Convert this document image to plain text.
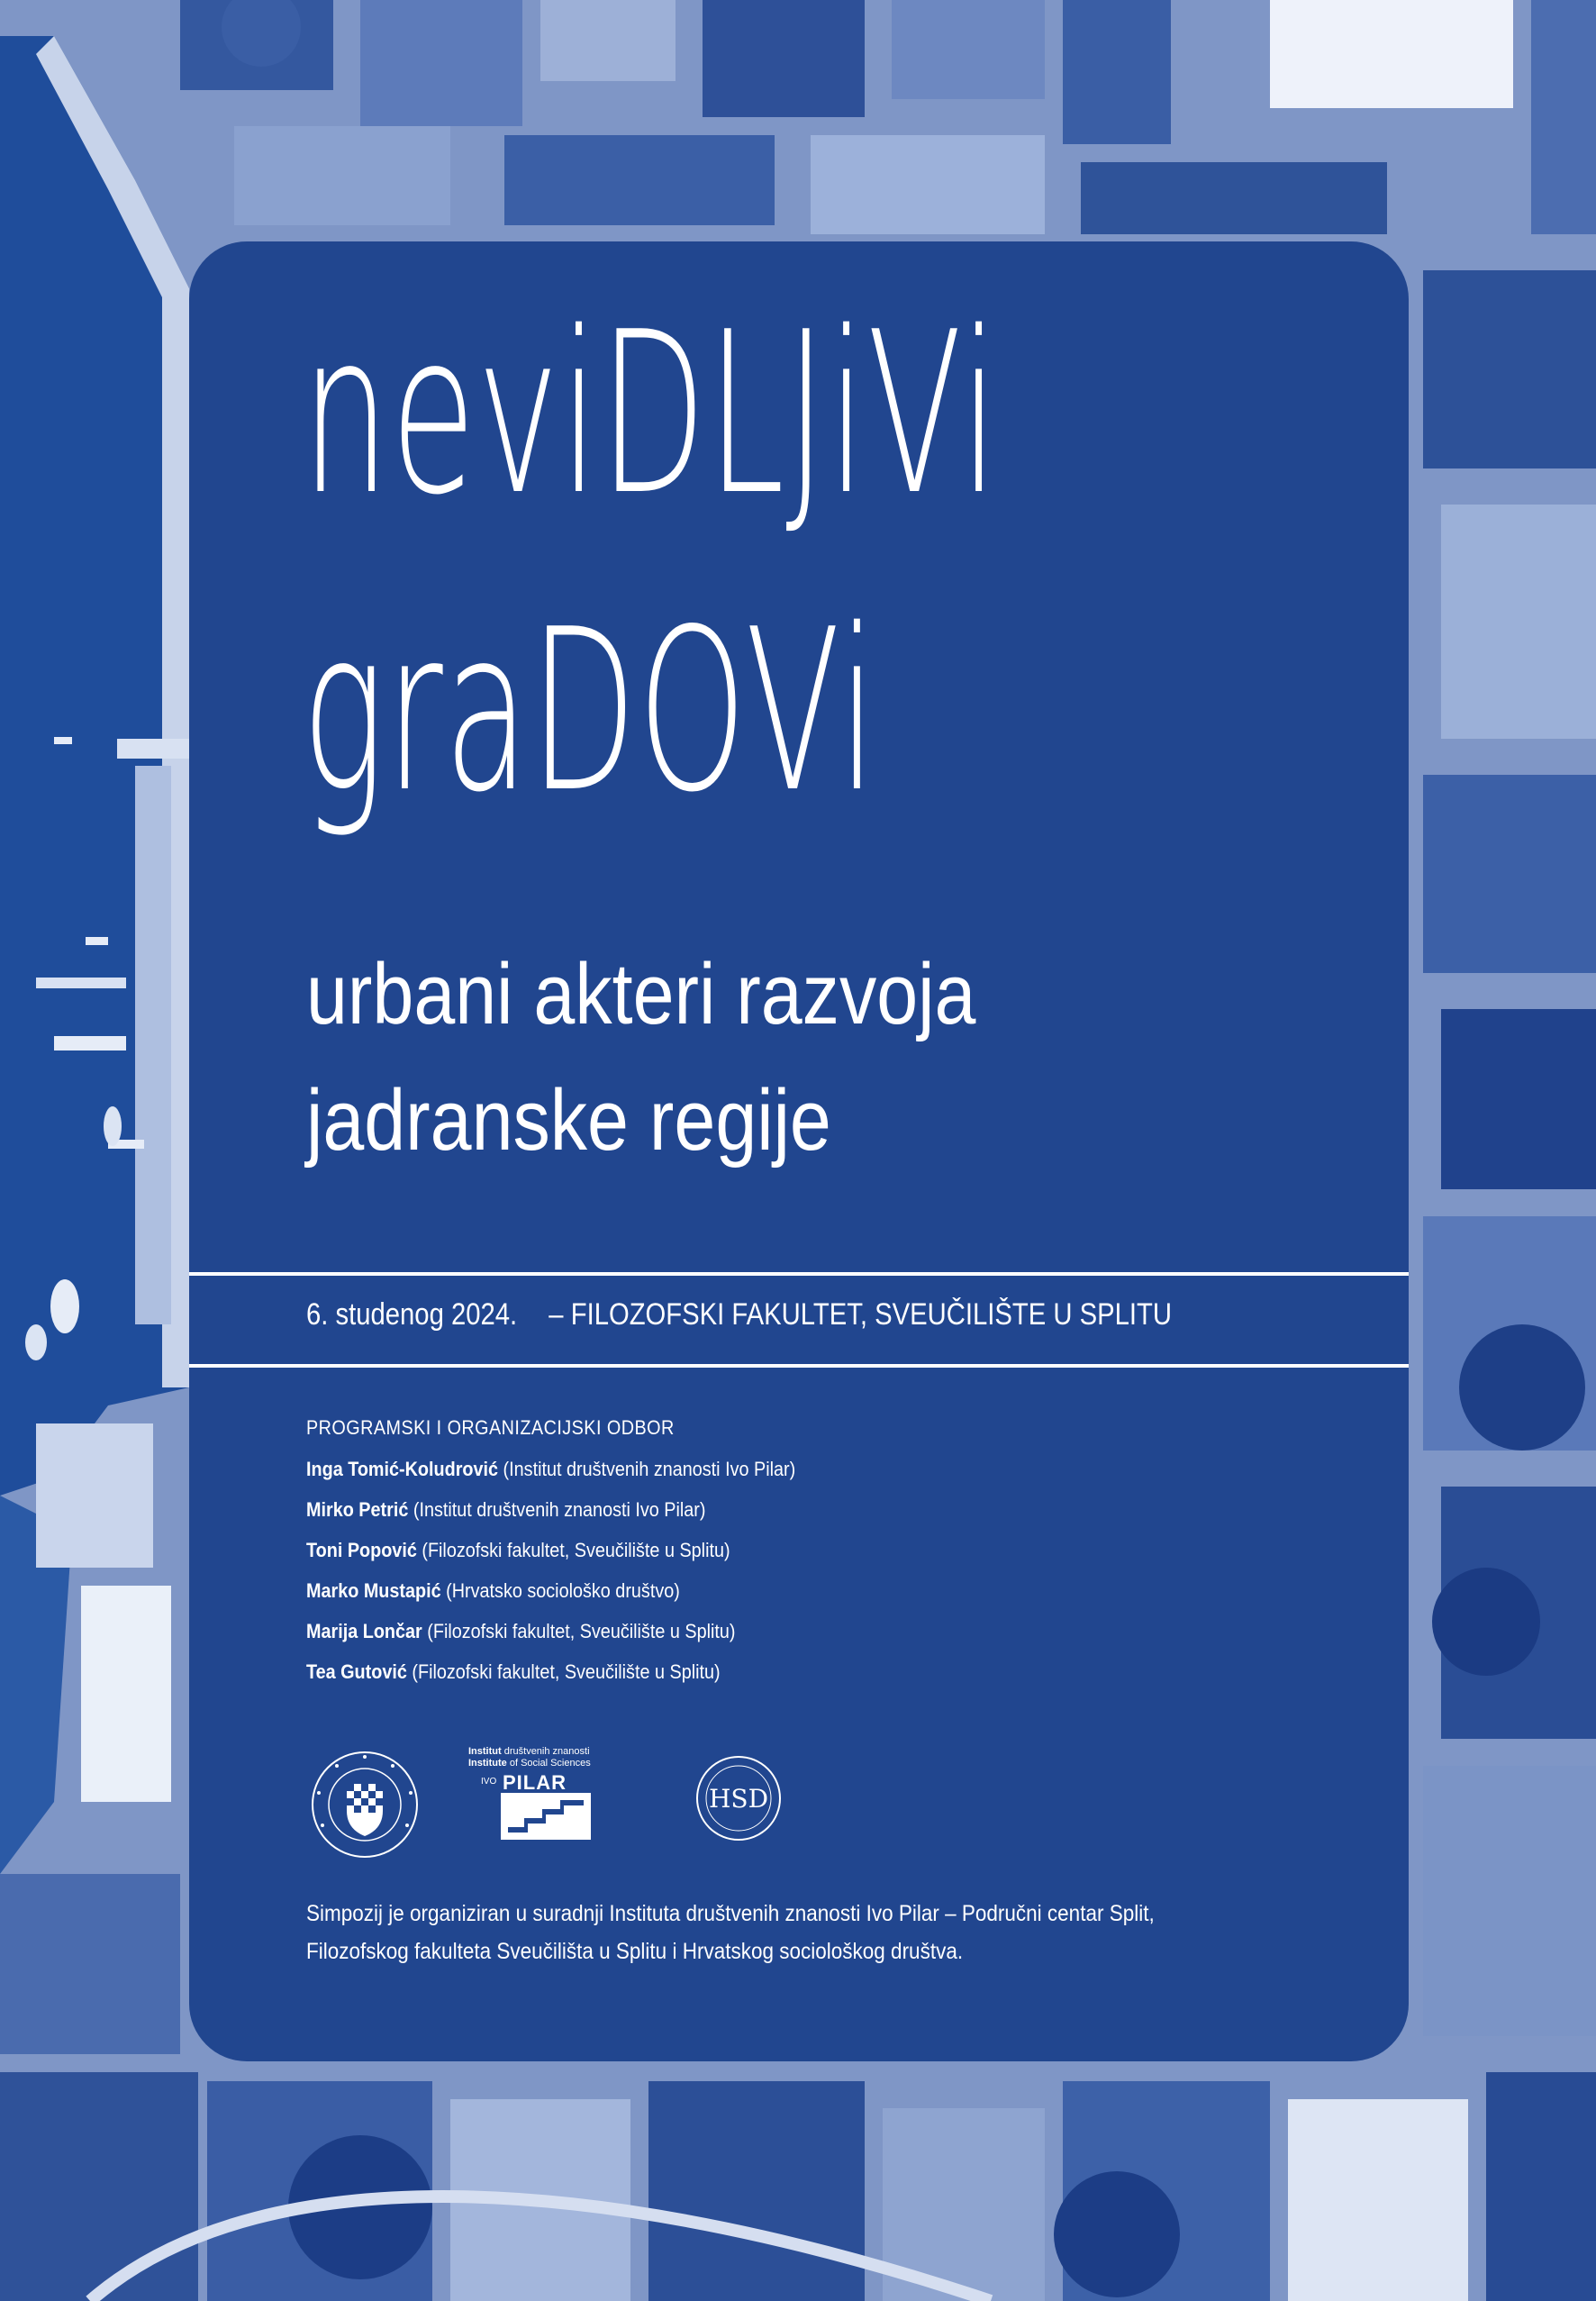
neviDLJiVi
graDOVi
urbani akteri razvoja
jadranske regije
6. studenog 2024. – FILOZOFSKI FAKULTET, SVEUČILIŠTE U SPLITU

PROGRAMSKI I ORGANIZACIJSKI ODBOR

Inga Tomić-Koludrović (Institut društvenih znanosti Ivo Pilar)
Mirko Petrić (Institut društvenih znanosti Ivo Pilar)
Toni Popović (Filozofski fakultet, Sveučilište u Splitu)
Marko Mustapić (Hrvatsko sociološko društvo)
Marija Lončar (Filozofski fakultet, Sveučilište u Splitu)
Tea Gutović (Filozofski fakultet, Sveučilište u Splitu)
Institut društvenih znanosti
Institute of Social Sciences
IVO PILAR
HSD
Simpozij je organiziran u suradnji Instituta društvenih znanosti Ivo Pilar – Područni centar Split,
Filozofskog fakulteta Sveučilišta u Splitu i Hrvatskog sociološkog društva.
